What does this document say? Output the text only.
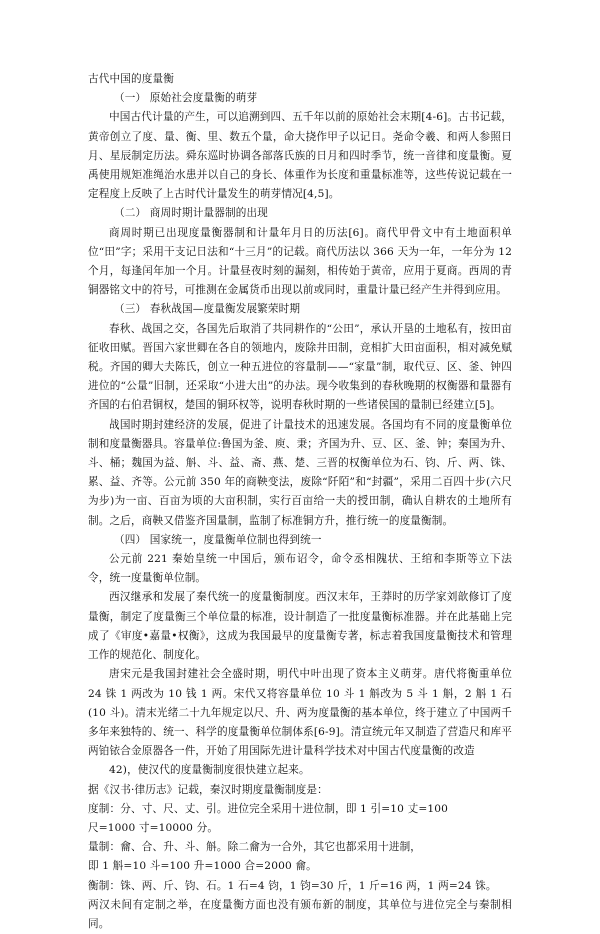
古代中国的度量衡

（一） 原始社会度量衡的萌芽

中国古代计量的产生，可以追溯到四、五千年以前的原始社会末期[4-6]。古书记载，黄帝创立了度、量、衡、里、数五个量，命大挠作甲子以记日。尧命令羲、和两人参照日月、星辰制定历法。舜东巡时协调各部落氏族的日月和四时季节，统一音律和度量衡。夏禹使用规矩准绳治水患并以自己的身长、体重作为长度和重量标准等，这些传说记载在一定程度上反映了上古时代计量发生的萌芽情况[4,5]。

（二） 商周时期计量器制的出现

商周时期已出现度量衡器制和计量年月日的历法[6]。商代甲骨文中有土地面积单位“田”字；采用干支记日法和“十三月”的记载。商代历法以 366 天为一年，一年分为 12 个月，每逢闰年加一个月。计量昼夜时刻的漏刻，相传始于黄帝，应用于夏商。西周的青铜器铭文中的符号，可推测在金属货币出现以前或同时，重量计量已经产生并得到应用。

（三） 春秋战国—度量衡发展繁荣时期

春秋、战国之交，各国先后取消了共同耕作的“公田”，承认开垦的土地私有，按田亩征收田赋。晋国六家世卿在各自的领地内，废除井田制，竞相扩大田亩面积，相对减免赋税。齐国的卿大夫陈氏，创立一种五进位的容量制——“家量”制，取代豆、区、釜、钟四进位的“公量”旧制，还采取“小进大出”的办法。现今收集到的春秋晚期的权衡器和量器有齐国的右伯君铜权，楚国的铜环权等，说明春秋时期的一些诸侯国的量制已经建立[5]。

战国时期封建经济的发展，促进了计量技术的迅速发展。各国均有不同的度量衡单位制和度量衡器具。容量单位:鲁国为釜、庾、秉；齐国为升、豆、区、釜、钟；秦国为升、斗、桶；魏国为益、斛、斗、益、斋、燕、楚、三晋的权衡单位为石、钧、斤、两、铢、累、益、齐等。公元前 350 年的商鞅变法，废除“阡陌”和“封疆”，采用二百四十步(六尺为步)为一亩、百亩为顷的大亩积制，实行百亩给一夫的授田制，确认自耕农的土地所有制。之后，商鞅又借鉴齐国量制，监制了标准铜方升，推行统一的度量衡制。

（四） 国家统一，度量衡单位制也得到统一

公元前 221 秦始皇统一中国后，颁布诏令，命令丞相隗状、王绾和李斯等立下法令，统一度量衡单位制。

西汉继承和发展了秦代统一的度量衡制度。西汉末年，王莽时的历学家刘歆修订了度量衡，制定了度量衡三个单位量的标准，设计制造了一批度量衡标准器。并在此基础上完成了《审度•嘉量•权衡》，这成为我国最早的度量衡专著，标志着我国度量衡技术和管理工作的规范化、制度化。

唐宋元是我国封建社会全盛时期，明代中叶出现了资本主义萌芽。唐代将衡重单位 24 铢 1 两改为 10 钱 1 两。宋代又将容量单位 10 斗 1 斛改为 5 斗 1 斛，2 斛 1 石(10 斗)。清末光绪二十九年规定以尺、升、两为度量衡的基本单位，终于建立了中国两千多年来独特的、统一、科学的度量衡单位制体系[6-9]。清宣统元年又制造了营造尺和库平两铂铱合金原器各一件，开始了用国际先进计量科学技术对中国古代度量衡的改造

42)，使汉代的度量衡制度很快建立起来。

据《汉书·律历志》记载，秦汉时期度量衡制度是：

度制：分、寸、尺、丈、引。进位完全采用十进位制，即 1 引=10 丈=100
尺=1000 寸=10000 分。

量制：龠、合、升、斗、斛。除二龠为一合外，其它也都采用十进制，
即 1 斛=10 斗=100 升=1000 合=2000 龠。

衡制：铢、两、斤、钧、石。1 石=4 钧，1 钧=30 斤，1 斤=16 两，1 两=24 铢。

两汉未间有定制之举，在度量衡方面也没有颁布新的制度，其单位与进位完全与秦制相同。
